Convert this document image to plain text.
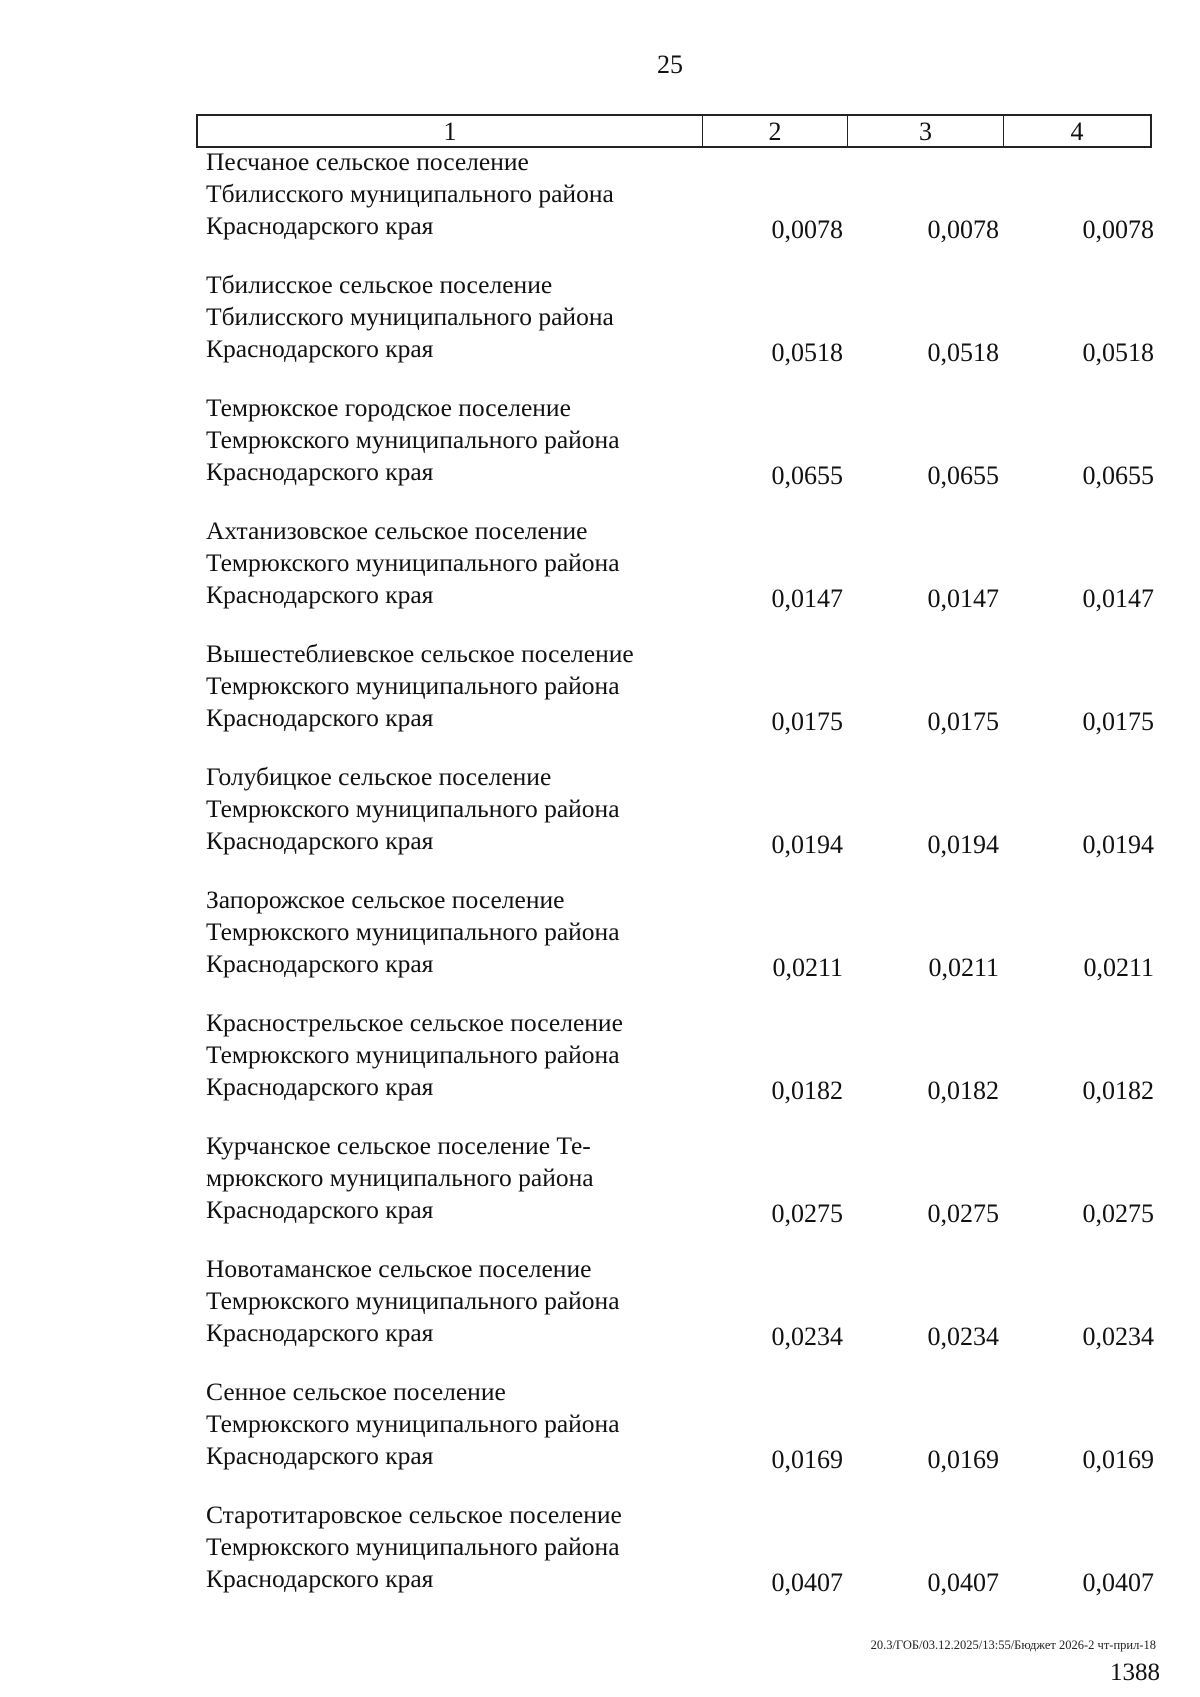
25
1	2	3	4
Песчаное сельское поселение
Тбилисского муниципального района
Краснодарского края	0,0078	0,0078	0,0078
Тбилисское сельское поселение
Тбилисского муниципального района
Краснодарского края	0,0518	0,0518	0,0518
Темрюкское городское поселение
Темрюкского муниципального района
Краснодарского края	0,0655	0,0655	0,0655
Ахтанизовское сельское поселение
Темрюкского муниципального района
Краснодарского края	0,0147	0,0147	0,0147
Вышестеблиевское сельское поселение
Темрюкского муниципального района
Краснодарского края	0,0175	0,0175	0,0175
Голубицкое сельское поселение
Темрюкского муниципального района
Краснодарского края	0,0194	0,0194	0,0194
Запорожское сельское поселение
Темрюкского муниципального района
Краснодарского края	0,0211	0,0211	0,0211
Краснострельское сельское поселение
Темрюкского муниципального района
Краснодарского края	0,0182	0,0182	0,0182
Курчанское сельское поселение Те-
мрюкского муниципального района
Краснодарского края	0,0275	0,0275	0,0275
Новотаманское сельское поселение
Темрюкского муниципального района
Краснодарского края	0,0234	0,0234	0,0234
Сенное сельское поселение
Темрюкского муниципального района
Краснодарского края	0,0169	0,0169	0,0169
Старотитаровское сельское поселение
Темрюкского муниципального района
Краснодарского края	0,0407	0,0407	0,0407
20.3/ГОБ/03.12.2025/13:55/Бюджет 2026-2 чт-прил-18
1388
